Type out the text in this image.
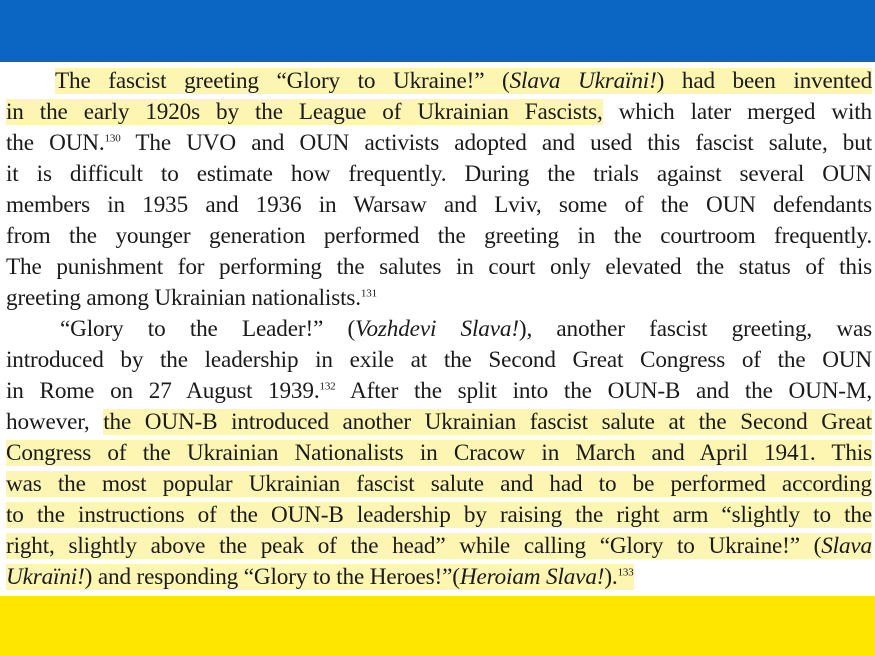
The fascist greeting “Glory to Ukraine!” (Slava Ukraïni!) had been invented
in the early 1920s by the League of Ukrainian Fascists, which later merged with
the OUN.$^{130}$ The UVO and OUN activists adopted and used this fascist salute, but
it is difficult to estimate how frequently. During the trials against several OUN
members in 1935 and 1936 in Warsaw and Lviv, some of the OUN defendants
from the younger generation performed the greeting in the courtroom frequently.
The punishment for performing the salutes in court only elevated the status of this
greeting among Ukrainian nationalists.$^{131}$
“Glory to the Leader!” (Vozhdevi Slava!), another fascist greeting, was
introduced by the leadership in exile at the Second Great Congress of the OUN
in Rome on 27 August 1939.$^{132}$ After the split into the OUN-B and the OUN-M,
however, the OUN-B introduced another Ukrainian fascist salute at the Second Great
Congress of the Ukrainian Nationalists in Cracow in March and April 1941. This
was the most popular Ukrainian fascist salute and had to be performed according
to the instructions of the OUN-B leadership by raising the right arm “slightly to the
right, slightly above the peak of the head” while calling “Glory to Ukraine!” (Slava
Ukraïni!) and responding “Glory to the Heroes!”(Heroiam Slava!).$^{133}$
